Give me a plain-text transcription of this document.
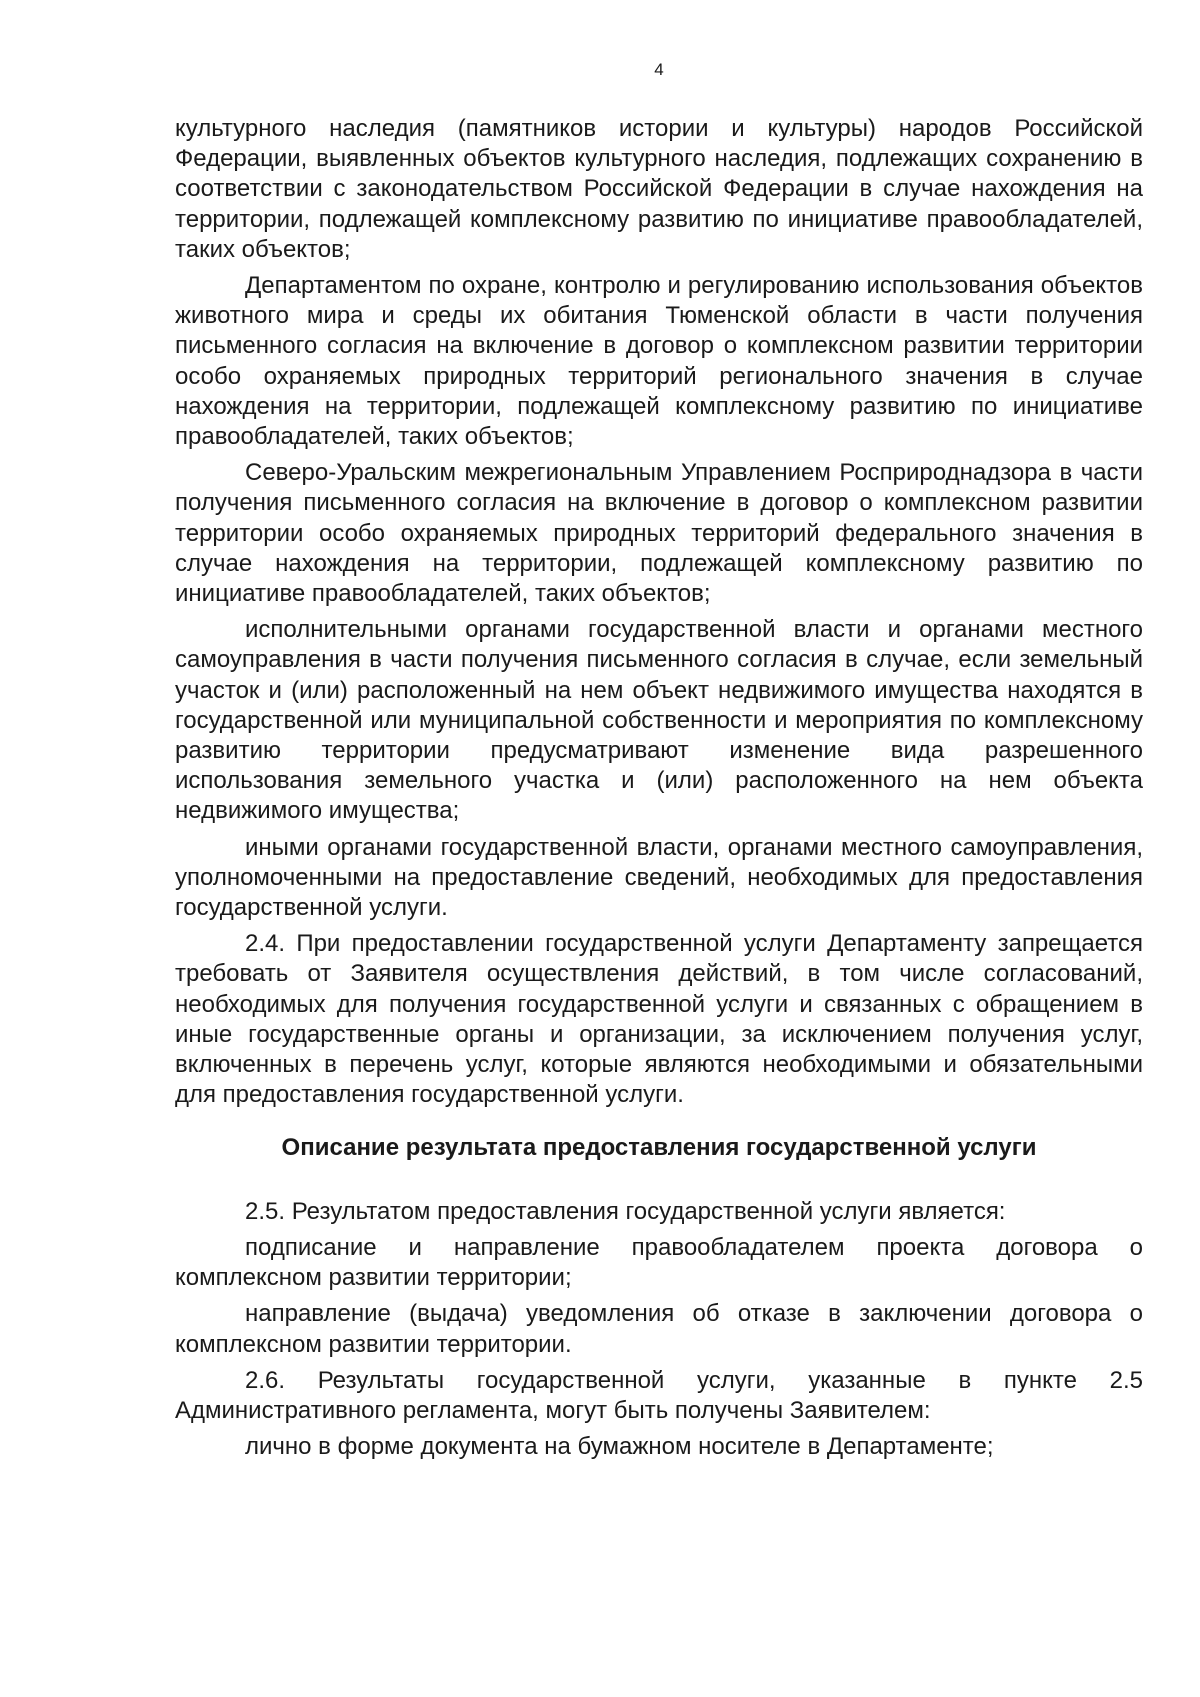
4

культурного наследия (памятников истории и культуры) народов Российской Федерации, выявленных объектов культурного наследия, подлежащих сохранению в соответствии с законодательством Российской Федерации в случае нахождения на территории, подлежащей комплексному развитию по инициативе правообладателей, таких объектов;

Департаментом по охране, контролю и регулированию использования объектов животного мира и среды их обитания Тюменской области в части получения письменного согласия на включение в договор о комплексном развитии территории особо охраняемых природных территорий регионального значения в случае нахождения на территории, подлежащей комплексному развитию по инициативе правообладателей, таких объектов;

Северо-Уральским межрегиональным Управлением Росприроднадзора в части получения письменного согласия на включение в договор о комплексном развитии территории особо охраняемых природных территорий федерального значения в случае нахождения на территории, подлежащей комплексному развитию по инициативе правообладателей, таких объектов;

исполнительными органами государственной власти и органами местного самоуправления в части получения письменного согласия в случае, если земельный участок и (или) расположенный на нем объект недвижимого имущества находятся в государственной или муниципальной собственности и мероприятия по комплексному развитию территории предусматривают изменение вида разрешенного использования земельного участка и (или) расположенного на нем объекта недвижимого имущества;

иными органами государственной власти, органами местного самоуправления, уполномоченными на предоставление сведений, необходимых для предоставления государственной услуги.

2.4. При предоставлении государственной услуги Департаменту запрещается требовать от Заявителя осуществления действий, в том числе согласований, необходимых для получения государственной услуги и связанных с обращением в иные государственные органы и организации, за исключением получения услуг, включенных в перечень услуг, которые являются необходимыми и обязательными для предоставления государственной услуги.

Описание результата предоставления государственной услуги

2.5. Результатом предоставления государственной услуги является:

подписание и направление правообладателем проекта договора о комплексном развитии территории;

направление (выдача) уведомления об отказе в заключении договора о комплексном развитии территории.

2.6. Результаты государственной услуги, указанные в пункте 2.5 Административного регламента, могут быть получены Заявителем:

лично в форме документа на бумажном носителе в Департаменте;
